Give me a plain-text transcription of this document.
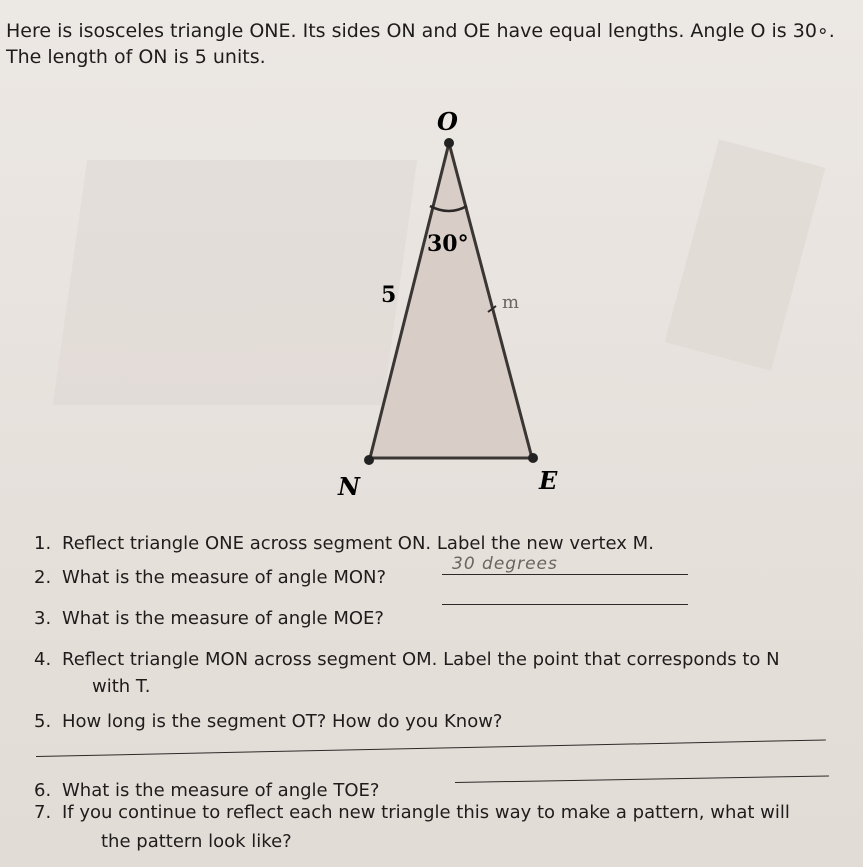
Here is isosceles triangle ONE. Its sides ON and OE have equal lengths. Angle O is 30∘.

The length of ON is 5 units.

O
N	E
30°
5	m
1. Reflect triangle ONE across segment ON. Label the new vertex M.
2. What is the measure of angle MON?
30 degrees
3. What is the measure of angle MOE?
4. Reflect triangle MON across segment OM. Label the point that corresponds to N
with T.
5. How long is the segment OT? How do you Know?
6. What is the measure of angle TOE?
7. If you continue to reflect each new triangle this way to make a pattern, what will
the pattern look like?
